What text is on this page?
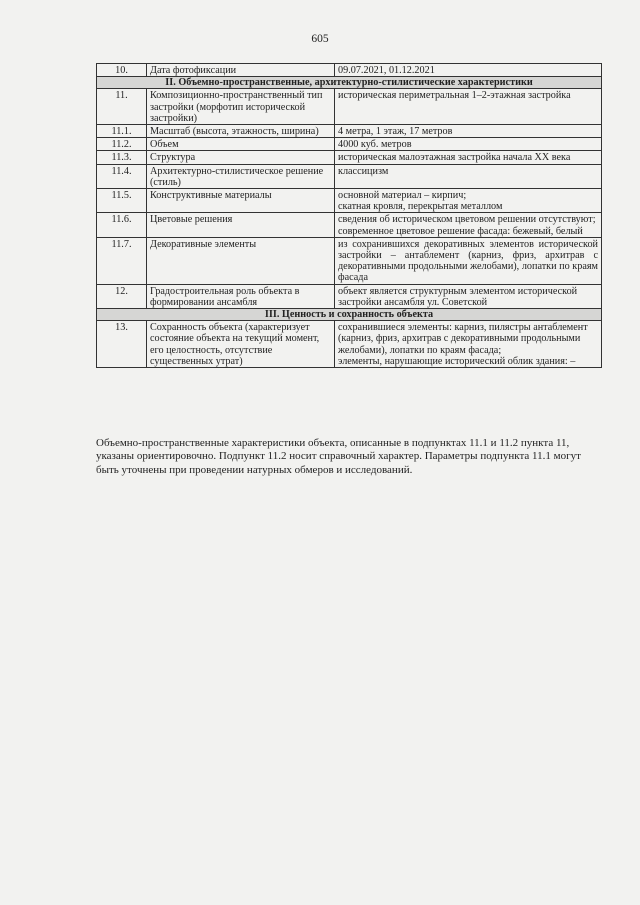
605
10.	Дата фотофиксации	09.07.2021, 01.12.2021

II. Объемно-пространственные, архитектурно-стилистические характеристики		
11.	Композиционно-пространственный тип застройки (морфотип исторической застройки)	историческая периметральная 1–2-этажная застройка

11.1.	Масштаб (высота, этажность, ширина)	4 метра, 1 этаж, 17 метров

11.2.	Объем	4000 куб. метров

11.3.	Структура	историческая малоэтажная застройка начала XX века

11.4.	Архитектурно-стилистическое решение (стиль)	классицизм

11.5.	Конструктивные материалы	основной материал – кирпич;
скатная кровля, перекрытая металлом

11.6.	Цветовые решения	сведения об историческом цветовом решении отсутствуют;
современное цветовое решение фасада: бежевый, белый

11.7.	Декоративные элементы	из сохранившихся декоративных элементов исторической застройки – антаблемент (карниз, фриз, архитрав с декоративными продольными желобами), лопатки по краям фасада

12.	Градостроительная роль объекта в формировании ансамбля	объект является структурным элементом исторической застройки ансамбля ул. Советской

III. Ценность и сохранность объекта		
13.	Сохранность объекта (характеризует состояние объекта на текущий момент, его целостность, отсутствие существенных утрат)	сохранившиеся элементы: карниз, пилястры антаблемент (карниз, фриз, архитрав с декоративными продольными желобами), лопатки по краям фасада;
элементы, нарушающие исторический облик здания: –
Объемно-пространственные характеристики объекта, описанные в подпунктах 11.1 и 11.2 пункта 11, указаны ориентировочно. Подпункт 11.2 носит справочный характер. Параметры подпункта 11.1 могут быть уточнены при проведении натурных обмеров и исследований.
